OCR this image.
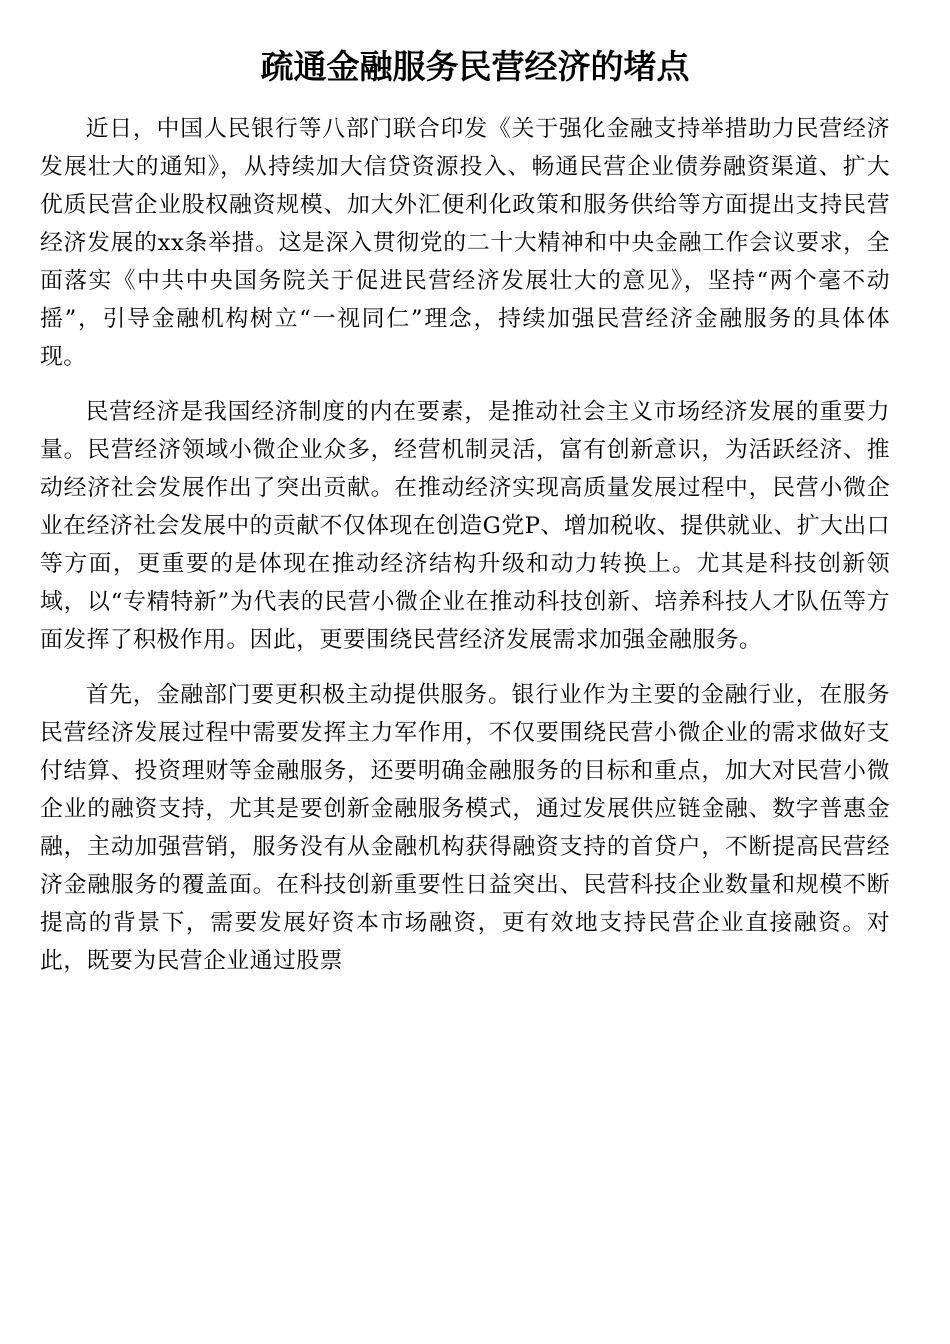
疏通金融服务民营经济的堵点

近日，中国人民银行等八部门联合印发《关于强化金融支持举措助力民营经济发展壮大的通知》，从持续加大信贷资源投入、畅通民营企业债券融资渠道、扩大优质民营企业股权融资规模、加大外汇便利化政策和服务供给等方面提出支持民营经济发展的xx条举措。这是深入贯彻党的二十大精神和中央金融工作会议要求，全面落实《中共中央国务院关于促进民营经济发展壮大的意见》，坚持“两个毫不动摇”，引导金融机构树立“一视同仁”理念，持续加强民营经济金融服务的具体体现。

民营经济是我国经济制度的内在要素，是推动社会主义市场经济发展的重要力量。民营经济领域小微企业众多，经营机制灵活，富有创新意识，为活跃经济、推动经济社会发展作出了突出贡献。在推动经济实现高质量发展过程中，民营小微企业在经济社会发展中的贡献不仅体现在创造G党P、增加税收、提供就业、扩大出口等方面，更重要的是体现在推动经济结构升级和动力转换上。尤其是科技创新领域，以“专精特新”为代表的民营小微企业在推动科技创新、培养科技人才队伍等方面发挥了积极作用。因此，更要围绕民营经济发展需求加强金融服务。

首先，金融部门要更积极主动提供服务。银行业作为主要的金融行业，在服务民营经济发展过程中需要发挥主力军作用，不仅要围绕民营小微企业的需求做好支付结算、投资理财等金融服务，还要明确金融服务的目标和重点，加大对民营小微企业的融资支持，尤其是要创新金融服务模式，通过发展供应链金融、数字普惠金融，主动加强营销，服务没有从金融机构获得融资支持的首贷户，不断提高民营经济金融服务的覆盖面。在科技创新重要性日益突出、民营科技企业数量和规模不断提高的背景下，需要发展好资本市场融资，更有效地支持民营企业直接融资。对此，既要为民营企业通过股票
